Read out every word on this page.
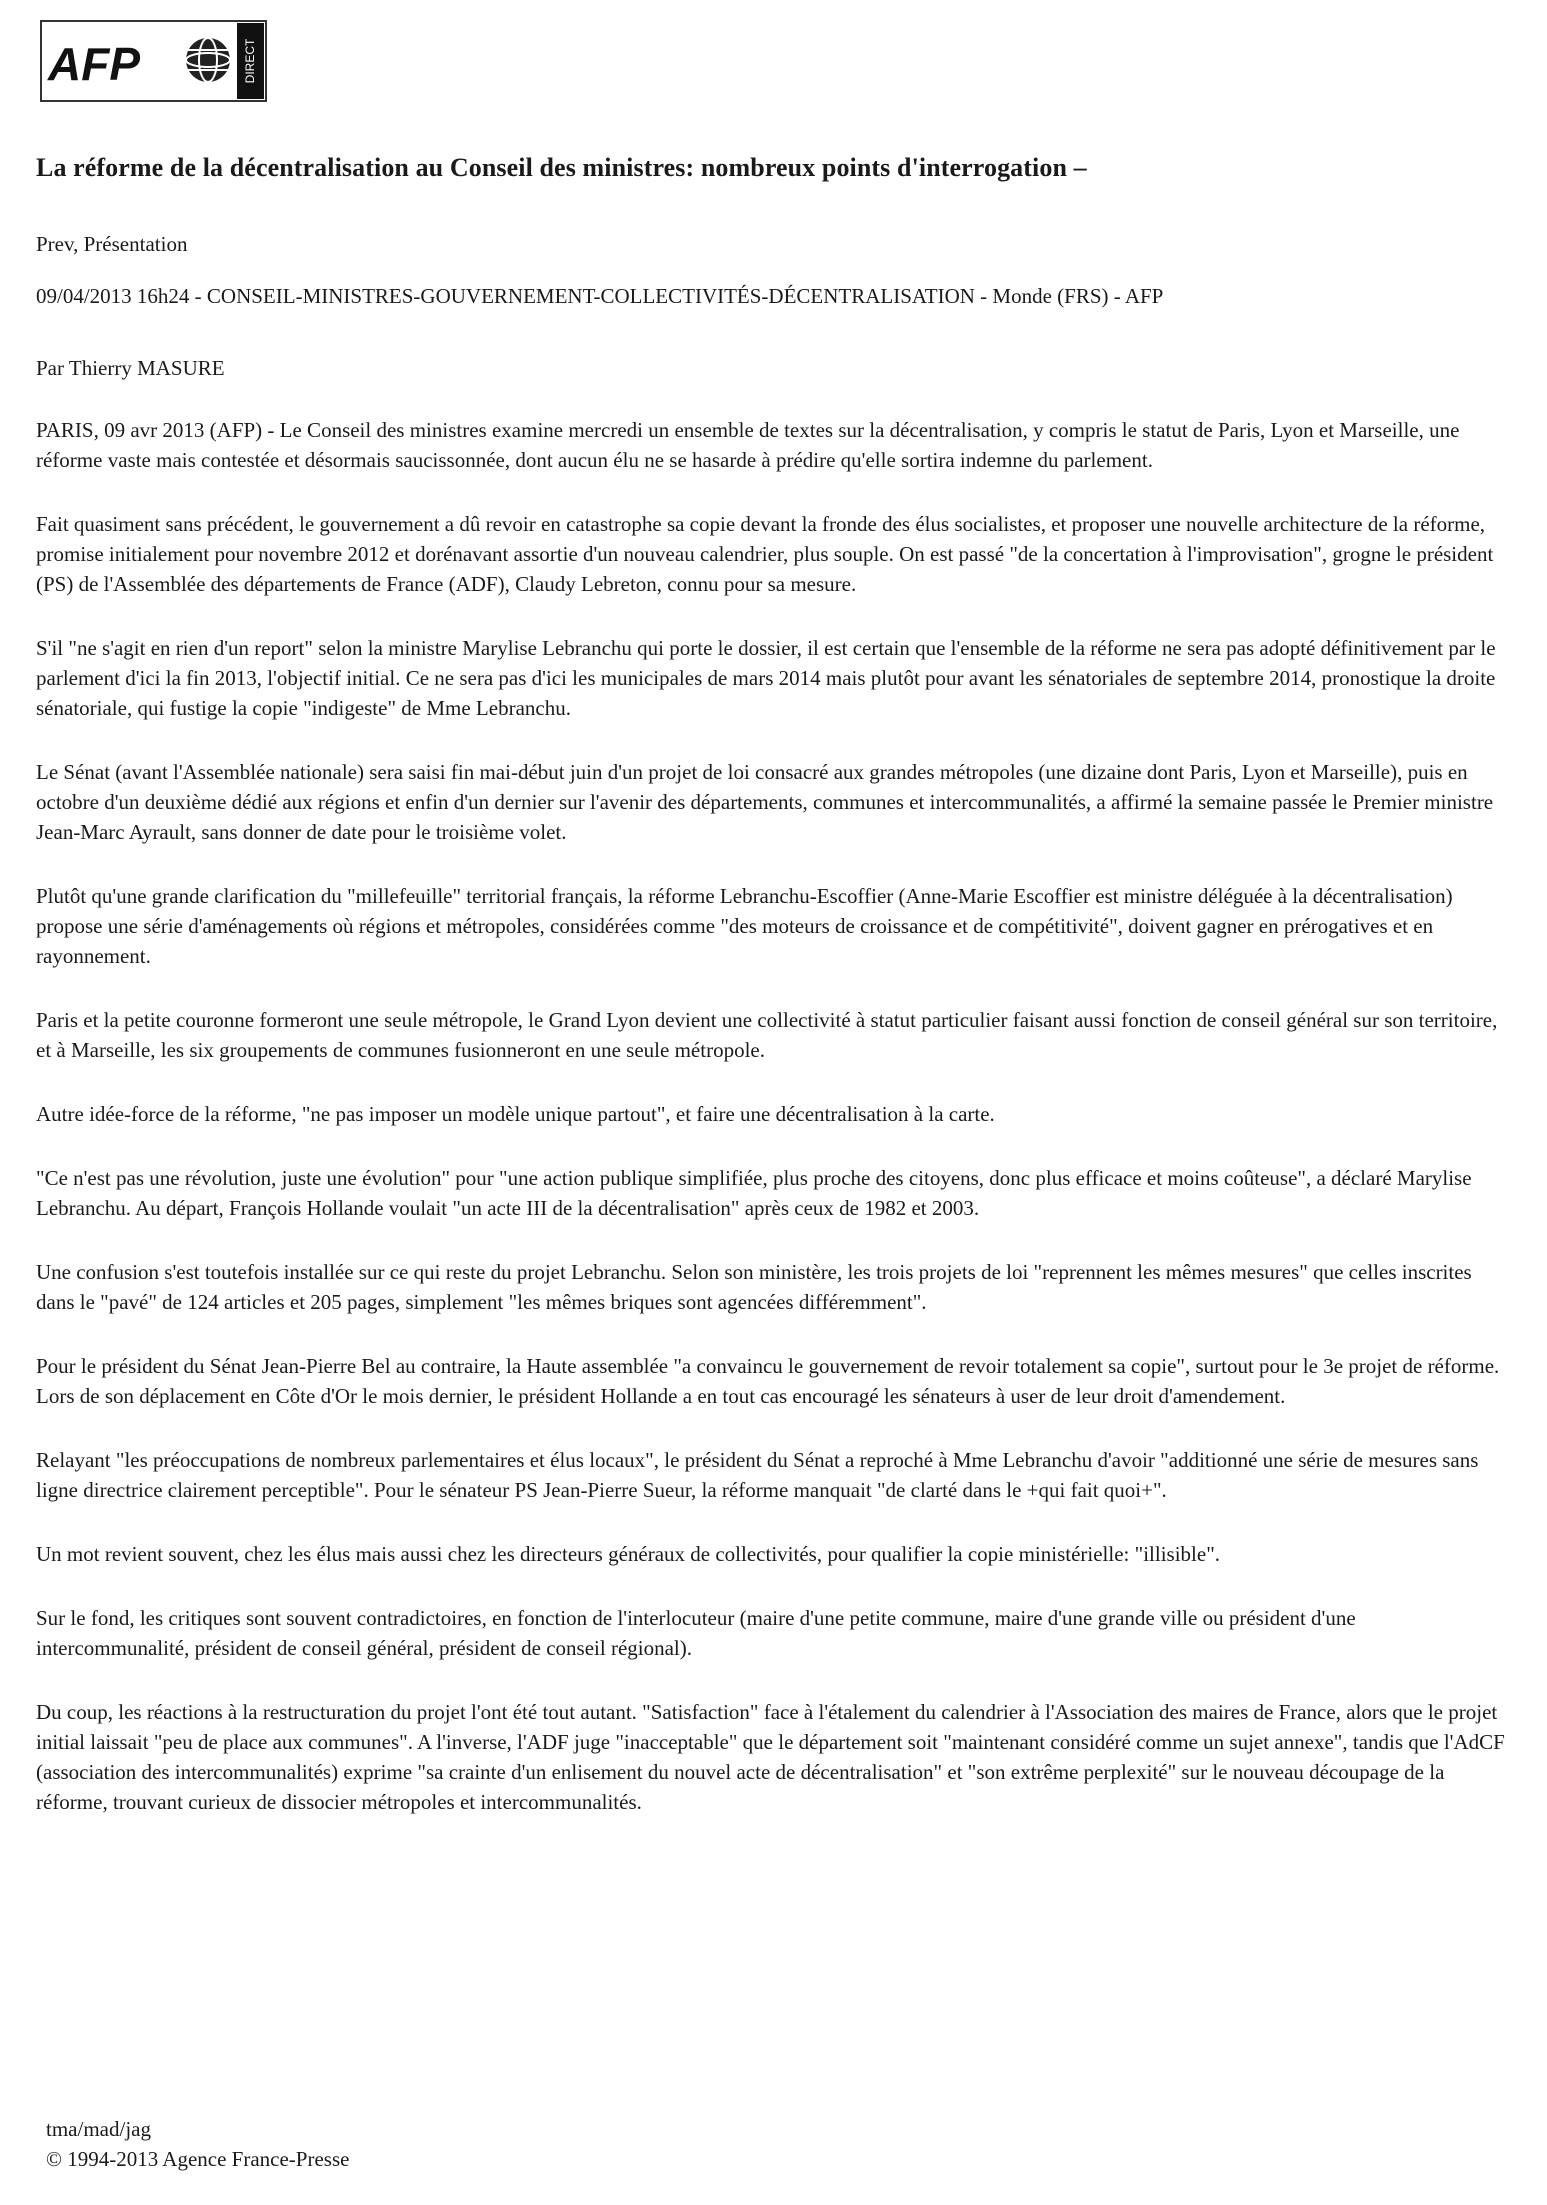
AFP	DIRECT
La réforme de la décentralisation au Conseil des ministres: nombreux points d'interrogation –

Prev, Présentation

09/04/2013 16h24 - CONSEIL-MINISTRES-GOUVERNEMENT-COLLECTIVITÉS-DÉCENTRALISATION - Monde (FRS) - AFP

Par Thierry MASURE

PARIS, 09 avr 2013 (AFP) - Le Conseil des ministres examine mercredi un ensemble de textes sur la décentralisation, y compris le statut de Paris, Lyon et Marseille, une réforme vaste mais contestée et désormais saucissonnée, dont aucun élu ne se hasarde à prédire qu'elle sortira indemne du parlement.

Fait quasiment sans précédent, le gouvernement a dû revoir en catastrophe sa copie devant la fronde des élus socialistes, et proposer une nouvelle architecture de la réforme, promise initialement pour novembre 2012 et dorénavant assortie d'un nouveau calendrier, plus souple. On est passé "de la concertation à l'improvisation", grogne le président (PS) de l'Assemblée des départements de France (ADF), Claudy Lebreton, connu pour sa mesure.

S'il "ne s'agit en rien d'un report" selon la ministre Marylise Lebranchu qui porte le dossier, il est certain que l'ensemble de la réforme ne sera pas adopté définitivement par le parlement d'ici la fin 2013, l'objectif initial. Ce ne sera pas d'ici les municipales de mars 2014 mais plutôt pour avant les sénatoriales de septembre 2014, pronostique la droite sénatoriale, qui fustige la copie "indigeste" de Mme Lebranchu.

Le Sénat (avant l'Assemblée nationale) sera saisi fin mai-début juin d'un projet de loi consacré aux grandes métropoles (une dizaine dont Paris, Lyon et Marseille), puis en octobre d'un deuxième dédié aux régions et enfin d'un dernier sur l'avenir des départements, communes et intercommunalités, a affirmé la semaine passée le Premier ministre Jean-Marc Ayrault, sans donner de date pour le troisième volet.

Plutôt qu'une grande clarification du "millefeuille" territorial français, la réforme Lebranchu-Escoffier (Anne-Marie Escoffier est ministre déléguée à la décentralisation) propose une série d'aménagements où régions et métropoles, considérées comme "des moteurs de croissance et de compétitivité", doivent gagner en prérogatives et en rayonnement.

Paris et la petite couronne formeront une seule métropole, le Grand Lyon devient une collectivité à statut particulier faisant aussi fonction de conseil général sur son territoire, et à Marseille, les six groupements de communes fusionneront en une seule métropole.

Autre idée-force de la réforme, "ne pas imposer un modèle unique partout", et faire une décentralisation à la carte.

"Ce n'est pas une révolution, juste une évolution" pour "une action publique simplifiée, plus proche des citoyens, donc plus efficace et moins coûteuse", a déclaré Marylise Lebranchu. Au départ, François Hollande voulait "un acte III de la décentralisation" après ceux de 1982 et 2003.

Une confusion s'est toutefois installée sur ce qui reste du projet Lebranchu. Selon son ministère, les trois projets de loi "reprennent les mêmes mesures" que celles inscrites dans le "pavé" de 124 articles et 205 pages, simplement "les mêmes briques sont agencées différemment".

Pour le président du Sénat Jean-Pierre Bel au contraire, la Haute assemblée "a convaincu le gouvernement de revoir totalement sa copie", surtout pour le 3e projet de réforme. Lors de son déplacement en Côte d'Or le mois dernier, le président Hollande a en tout cas encouragé les sénateurs à user de leur droit d'amendement.

Relayant "les préoccupations de nombreux parlementaires et élus locaux", le président du Sénat a reproché à Mme Lebranchu d'avoir "additionné une série de mesures sans ligne directrice clairement perceptible". Pour le sénateur PS Jean-Pierre Sueur, la réforme manquait "de clarté dans le +qui fait quoi+".

Un mot revient souvent, chez les élus mais aussi chez les directeurs généraux de collectivités, pour qualifier la copie ministérielle: "illisible".

Sur le fond, les critiques sont souvent contradictoires, en fonction de l'interlocuteur (maire d'une petite commune, maire d'une grande ville ou président d'une intercommunalité, président de conseil général, président de conseil régional).

Du coup, les réactions à la restructuration du projet l'ont été tout autant. "Satisfaction" face à l'étalement du calendrier à l'Association des maires de France, alors que le projet initial laissait "peu de place aux communes". A l'inverse, l'ADF juge "inacceptable" que le département soit "maintenant considéré comme un sujet annexe", tandis que l'AdCF (association des intercommunalités) exprime "sa crainte d'un enlisement du nouvel acte de décentralisation" et "son extrême perplexité" sur le nouveau découpage de la réforme, trouvant curieux de dissocier métropoles et intercommunalités.

tma/mad/jag
© 1994-2013 Agence France-Presse
